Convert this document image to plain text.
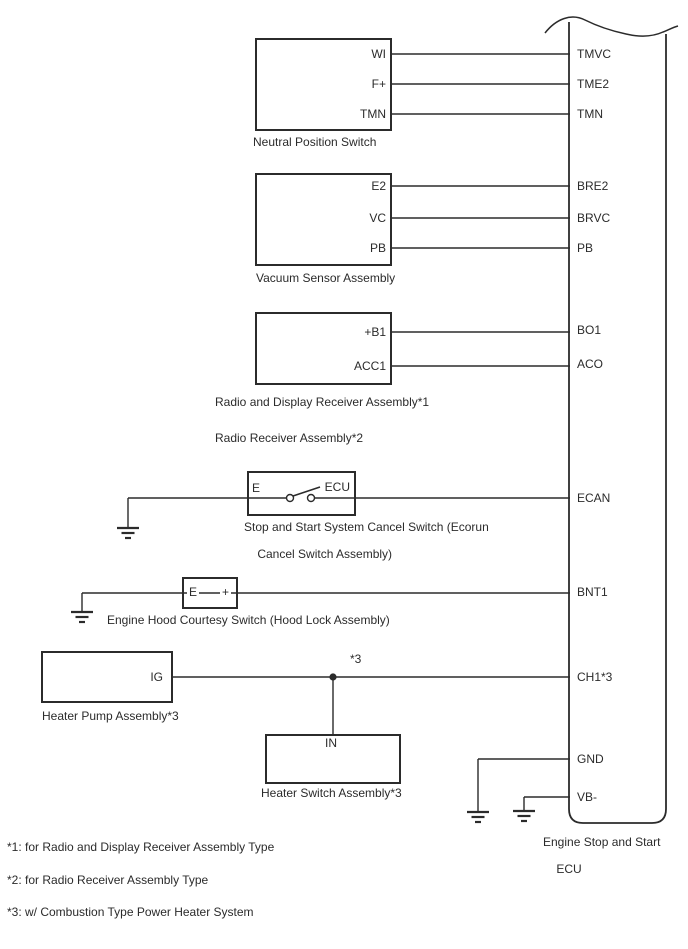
WI
F+
TMN
E2
VC
PB
+B1
ACC1
E	ECU
E +
IG
IN
TMVC
TME2
TMN
BRE2
BRVC
PB
BO1
ACO
ECAN
BNT1
CH1*3
GND
VB-
Neutral Position Switch
Vacuum Sensor Assembly
Radio and Display Receiver Assembly*1
Radio Receiver Assembly*2
Stop and Start System Cancel Switch (Ecorun

Cancel Switch Assembly)
Engine Hood Courtesy Switch (Hood Lock Assembly)
Heater Pump Assembly*3
Heater Switch Assembly*3
*3
Engine Stop and Start

ECU
*1: for Radio and Display Receiver Assembly Type
*2: for Radio Receiver Assembly Type
*3: w/ Combustion Type Power Heater System
